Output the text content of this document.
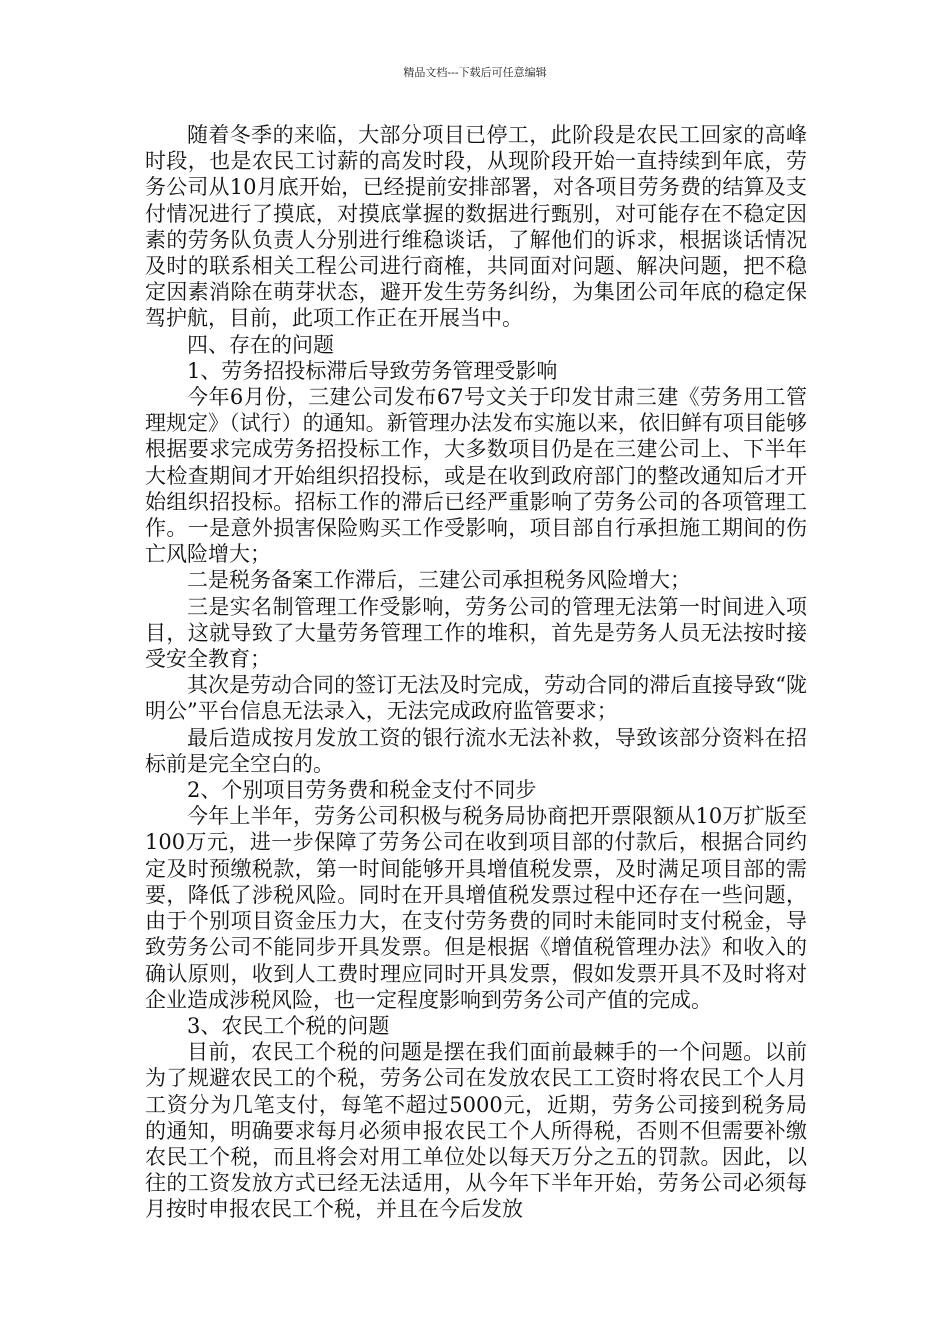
精品文档---下载后可任意编辑

随着冬季的来临，大部分项目已停工，此阶段是农民工回家的高峰时段，也是农民工讨薪的高发时段，从现阶段开始一直持续到年底，劳务公司从10月底开始，已经提前安排部署，对各项目劳务费的结算及支付情况进行了摸底，对摸底掌握的数据进行甄别，对可能存在不稳定因素的劳务队负责人分别进行维稳谈话，了解他们的诉求，根据谈话情况及时的联系相关工程公司进行商榷，共同面对问题、解决问题，把不稳定因素消除在萌芽状态，避开发生劳务纠纷，为集团公司年底的稳定保驾护航，目前，此项工作正在开展当中。

四、存在的问题

1、劳务招投标滞后导致劳务管理受影响

今年6月份，三建公司发布67号文关于印发甘肃三建《劳务用工管理规定》（试行）的通知。新管理办法发布实施以来，依旧鲜有项目能够根据要求完成劳务招投标工作，大多数项目仍是在三建公司上、下半年大检查期间才开始组织招投标，或是在收到政府部门的整改通知后才开始组织招投标。招标工作的滞后已经严重影响了劳务公司的各项管理工作。一是意外损害保险购买工作受影响，项目部自行承担施工期间的伤亡风险增大；

二是税务备案工作滞后，三建公司承担税务风险增大；

三是实名制管理工作受影响，劳务公司的管理无法第一时间进入项目，这就导致了大量劳务管理工作的堆积，首先是劳务人员无法按时接受安全教育；

其次是劳动合同的签订无法及时完成，劳动合同的滞后直接导致“陇明公”平台信息无法录入，无法完成政府监管要求；

最后造成按月发放工资的银行流水无法补救，导致该部分资料在招标前是完全空白的。

2、个别项目劳务费和税金支付不同步

今年上半年，劳务公司积极与税务局协商把开票限额从10万扩版至100万元，进一步保障了劳务公司在收到项目部的付款后，根据合同约定及时预缴税款，第一时间能够开具增值税发票，及时满足项目部的需要，降低了涉税风险。同时在开具增值税发票过程中还存在一些问题，由于个别项目资金压力大，在支付劳务费的同时未能同时支付税金，导致劳务公司不能同步开具发票。但是根据《增值税管理办法》和收入的确认原则，收到人工费时理应同时开具发票，假如发票开具不及时将对企业造成涉税风险，也一定程度影响到劳务公司产值的完成。

3、农民工个税的问题

目前，农民工个税的问题是摆在我们面前最棘手的一个问题。以前为了规避农民工的个税，劳务公司在发放农民工工资时将农民工个人月工资分为几笔支付，每笔不超过5000元，近期，劳务公司接到税务局的通知，明确要求每月必须申报农民工个人所得税，否则不但需要补缴农民工个税，而且将会对用工单位处以每天万分之五的罚款。因此，以往的工资发放方式已经无法适用，从今年下半年开始，劳务公司必须每月按时申报农民工个税，并且在今后发放
